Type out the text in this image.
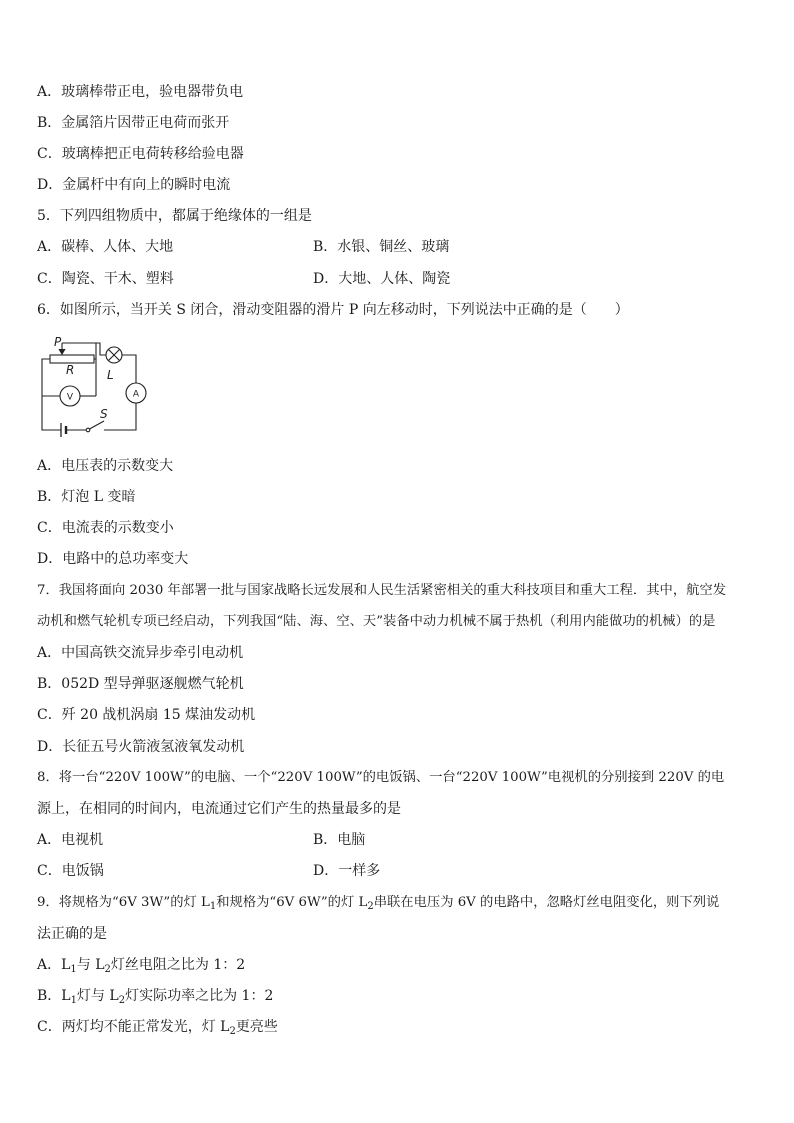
A．玻璃棒带正电，验电器带负电
B．金属箔片因带正电荷而张开
C．玻璃棒把正电荷转移给验电器
D．金属杆中有向上的瞬时电流
5．下列四组物质中，都属于绝缘体的一组是
A．碳棒、人体、大地	B．水银、铜丝、玻璃
C．陶瓷、干木、塑料	D．大地、人体、陶瓷
6．如图所示，当开关 S 闭合，滑动变阻器的滑片 P 向左移动时，下列说法中正确的是（　　）
P
R	L
S
V	A
A．电压表的示数变大
B．灯泡 L 变暗
C．电流表的示数变小
D．电路中的总功率变大
7．我国将面向 2030 年部署一批与国家战略长远发展和人民生活紧密相关的重大科技项目和重大工程．其中，航空发
动机和燃气轮机专项已经启动，下列我国“陆、海、空、天”装备中动力机械不属于热机（利用内能做功的机械）的是
A．中国高铁交流异步牵引电动机
B．052D 型导弹驱逐舰燃气轮机
C．歼 20 战机涡扇 15 煤油发动机
D．长征五号火箭液氢液氧发动机
8．将一台“220V 100W”的电脑、一个“220V 100W”的电饭锅、一台“220V 100W”电视机的分别接到 220V 的电
源上，在相同的时间内，电流通过它们产生的热量最多的是
A．电视机	B．电脑
C．电饭锅	D．一样多
9．将规格为“6V 3W”的灯 $L_1$和规格为“6V 6W”的灯 $L_2$串联在电压为 6V 的电路中，忽略灯丝电阻变化，则下列说
法正确的是
A．$L_1$与 $L_2$灯丝电阻之比为 1：2
B．$L_1$灯与 $L_2$灯实际功率之比为 1：2
C．两灯均不能正常发光，灯 $L_2$更亮些
